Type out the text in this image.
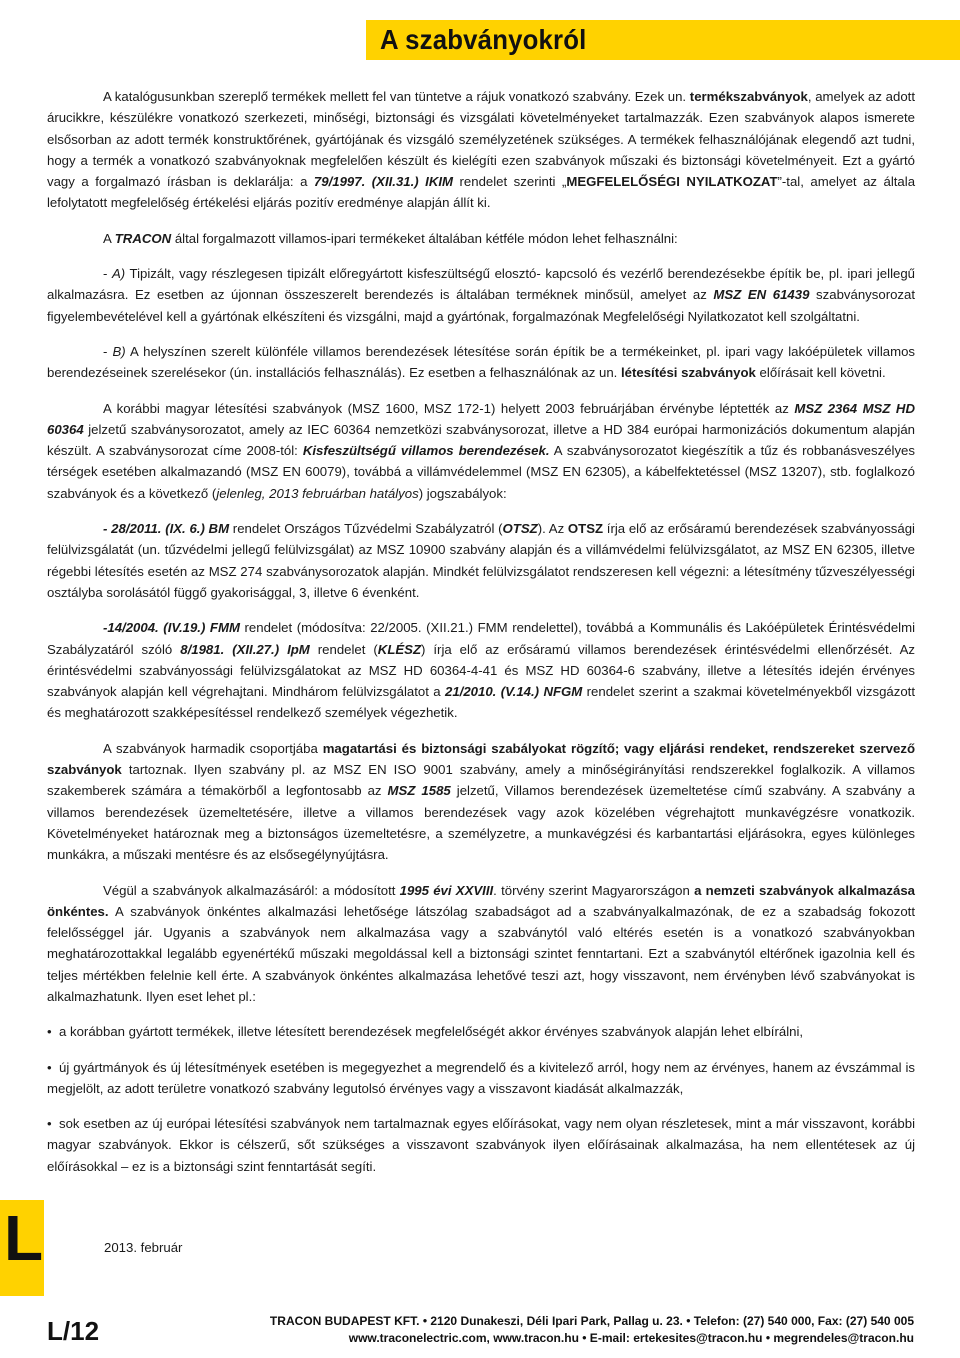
A szabványokról

A katalógusunkban szereplő termékek mellett fel van tüntetve a rájuk vonatkozó szabvány. Ezek un. termékszabványok, amelyek az adott árucikkre, készülékre vonatkozó szerkezeti, minőségi, biztonsági és vizsgálati követelményeket tartalmazzák. Ezen szabványok alapos ismerete elsősorban az adott termék konstruktőrének, gyártójának és vizsgáló személyzetének szükséges. A termékek felhasználójának elegendő azt tudni, hogy a termék a vonatkozó szabványoknak megfelelően készült és kielégíti ezen szabványok műszaki és biztonsági követelményeit. Ezt a gyártó vagy a forgalmazó írásban is deklarálja: a 79/1997. (XII.31.) IKIM rendelet szerinti „MEGFELELŐSÉGI NYILATKOZAT”-tal, amelyet az általa lefolytatott megfelelőség értékelési eljárás pozitív eredménye alapján állít ki.

A TRACON által forgalmazott villamos-ipari termékeket általában kétféle módon lehet felhasználni:

- A) Tipizált, vagy részlegesen tipizált előregyártott kisfeszültségű elosztó- kapcsoló és vezérlő berendezésekbe építik be, pl. ipari jellegű alkalmazásra. Ez esetben az újonnan összeszerelt berendezés is általában terméknek minősül, amelyet az MSZ EN 61439 szabványsorozat figyelembevételével kell a gyártónak elkészíteni és vizsgálni, majd a gyártónak, forgalmazónak Megfelelőségi Nyilatkozatot kell szolgáltatni.

- B) A helyszínen szerelt különféle villamos berendezések létesítése során építik be a termékeinket, pl. ipari vagy lakóépületek villamos berendezéseinek szerelésekor (ún. installációs felhasználás). Ez esetben a felhasználónak az un. létesítési szabványok előírásait kell követni.

A korábbi magyar létesítési szabványok (MSZ 1600, MSZ 172-1) helyett 2003 februárjában érvénybe léptették az MSZ 2364 MSZ HD 60364 jelzetű szabványsorozatot, amely az IEC 60364 nemzetközi szabványsorozat, illetve a HD 384 európai harmonizációs dokumentum alapján készült. A szabványsorozat címe 2008-tól: Kisfeszültségű villamos berendezések. A szabványsorozatot kiegészítik a tűz és robbanásveszélyes térségek esetében alkalmazandó (MSZ EN 60079), továbbá a villámvédelemmel (MSZ EN 62305), a kábelfektetéssel (MSZ 13207), stb. foglalkozó szabványok és a következő (jelenleg, 2013 februárban hatályos) jogszabályok:

- 28/2011. (IX. 6.) BM rendelet Országos Tűzvédelmi Szabályzatról (OTSZ). Az OTSZ írja elő az erősáramú berendezések szabványossági felülvizsgálatát (un. tűzvédelmi jellegű felülvizsgálat) az MSZ 10900 szabvány alapján és a villámvédelmi felülvizsgálatot, az MSZ EN 62305, illetve régebbi létesítés esetén az MSZ 274 szabványsorozatok alapján. Mindkét felülvizsgálatot rendszeresen kell végezni: a létesítmény tűzveszélyességi osztályba sorolásától függő gyakorisággal, 3, illetve 6 évenként.

-14/2004. (IV.19.) FMM rendelet (módosítva: 22/2005. (XII.21.) FMM rendelettel), továbbá a Kommunális és Lakóépületek Érintésvédelmi Szabályzatáról szóló 8/1981. (XII.27.) IpM rendelet (KLÉSZ) írja elő az erősáramú villamos berendezések érintésvédelmi ellenőrzését. Az érintésvédelmi szabványossági felülvizsgálatokat az MSZ HD 60364-4-41 és MSZ HD 60364-6 szabvány, illetve a létesítés idején érvényes szabványok alapján kell végrehajtani. Mindhárom felülvizsgálatot a 21/2010. (V.14.) NFGM rendelet szerint a szakmai követelményekből vizsgázott és meghatározott szakképesítéssel rendelkező személyek végezhetik.

A szabványok harmadik csoportjába magatartási és biztonsági szabályokat rögzítő; vagy eljárási rendeket, rendszereket szervező szabványok tartoznak. Ilyen szabvány pl. az MSZ EN ISO 9001 szabvány, amely a minőségirányítási rendszerekkel foglalkozik. A villamos szakemberek számára a témakörből a legfontosabb az MSZ 1585 jelzetű, Villamos berendezések üzemeltetése című szabvány. A szabvány a villamos berendezések üzemeltetésére, illetve a villamos berendezések vagy azok közelében végrehajtott munkavégzésre vonatkozik. Követelményeket határoznak meg a biztonságos üzemeltetésre, a személyzetre, a munkavégzési és karbantartási eljárásokra, egyes különleges munkákra, a műszaki mentésre és az elsősegélynyújtásra.

Végül a szabványok alkalmazásáról: a módosított 1995 évi XXVIII. törvény szerint Magyarországon a nemzeti szabványok alkalmazása önkéntes. A szabványok önkéntes alkalmazási lehetősége látszólag szabadságot ad a szabványalkalmazónak, de ez a szabadság fokozott felelősséggel jár. Ugyanis a szabványok nem alkalmazása vagy a szabványtól való eltérés esetén is a vonatkozó szabványokban meghatározottakkal legalább egyenértékű műszaki megoldással kell a biztonsági szintet fenntartani. Ezt a szabványtól eltérőnek igazolnia kell és teljes mértékben felelnie kell érte. A szabványok önkéntes alkalmazása lehetővé teszi azt, hogy visszavont, nem érvényben lévő szabványokat is alkalmazhatunk. Ilyen eset lehet pl.:

• a korábban gyártott termékek, illetve létesített berendezések megfelelőségét akkor érvényes szabványok alapján lehet elbírálni,

• új gyártmányok és új létesítmények esetében is megegyezhet a megrendelő és a kivitelező arról, hogy nem az érvényes, hanem az évszámmal is megjelölt, az adott területre vonatkozó szabvány legutolsó érvényes vagy a visszavont kiadását alkalmazzák,

• sok esetben az új európai létesítési szabványok nem tartalmaznak egyes előírásokat, vagy nem olyan részletesek, mint a már visszavont, korábbi magyar szabványok. Ekkor is célszerű, sőt szükséges a visszavont szabványok ilyen előírásainak alkalmazása, ha nem ellentétesek az új előírásokkal – ez is a biztonsági szint fenntartását segíti.

L	2013. február
L/12	TRACON BUDAPEST KFT. • 2120 Dunakeszi, Déli Ipari Park, Pallag u. 23. • Telefon: (27) 540 000, Fax: (27) 540 005
www.traconelectric.com, www.tracon.hu • E-mail: ertekesites@tracon.hu • megrendeles@tracon.hu
